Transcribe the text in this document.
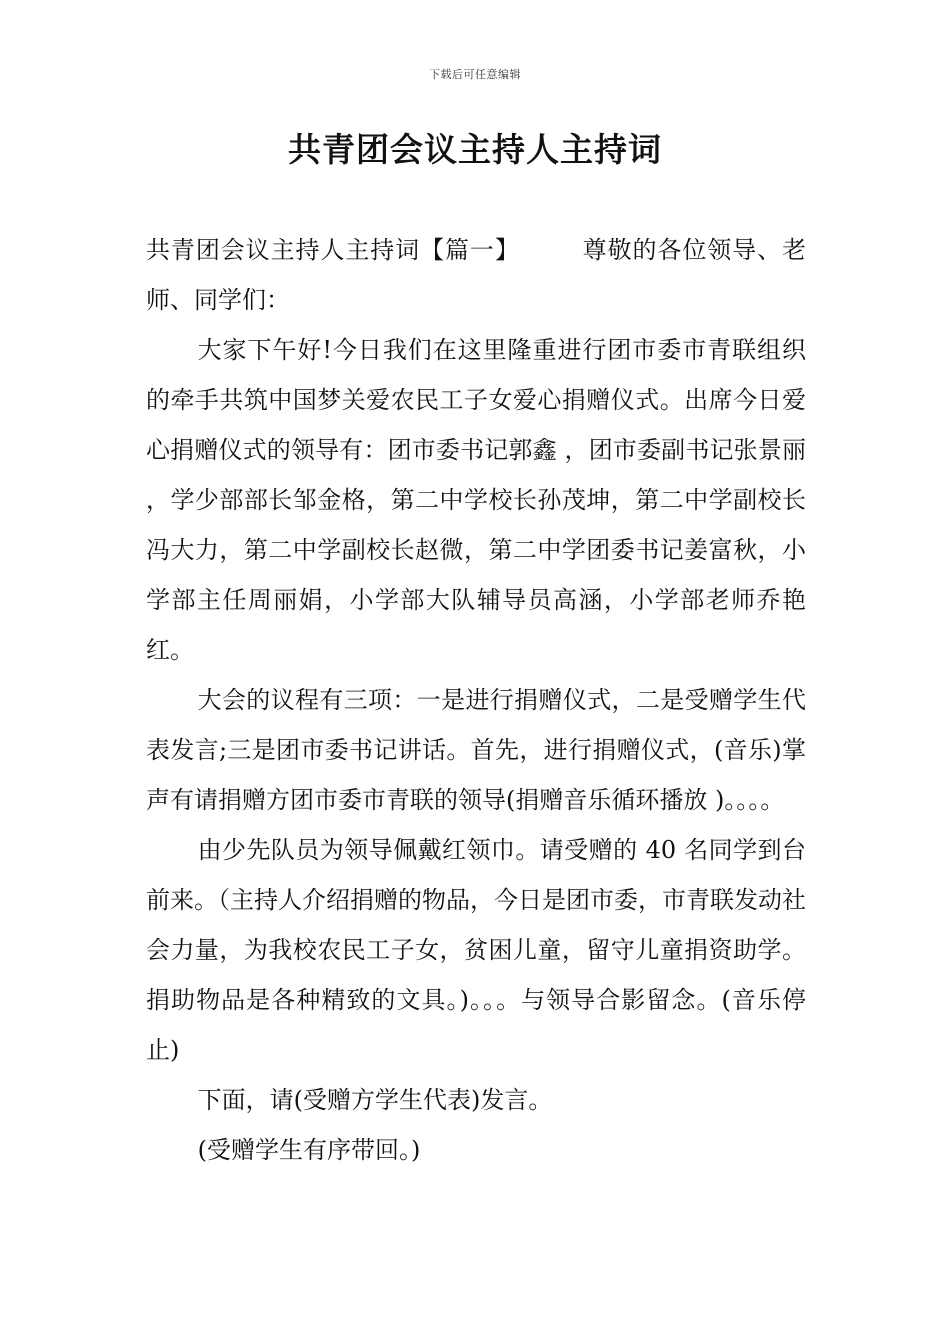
下载后可任意编辑
共青团会议主持人主持词

共青团会议主持人主持词【篇一】	尊敬的各位领导、老师、同学们：

大家下午好!今日我们在这里隆重进行团市委市青联组织的牵手共筑中国梦关爱农民工子女爱心捐赠仪式。出席今日爱心捐赠仪式的领导有：团市委书记郭鑫 ，团市委副书记张景丽 ，学少部部长邹金格，第二中学校长孙茂坤，第二中学副校长冯大力，第二中学副校长赵微，第二中学团委书记姜富秋，小学部主任周丽娟，小学部大队辅导员高涵，小学部老师乔艳红。

大会的议程有三项：一是进行捐赠仪式，二是受赠学生代表发言;三是团市委书记讲话。首先，进行捐赠仪式，(音乐)掌声有请捐赠方团市委市青联的领导(捐赠音乐循环播放 )。。。。

由少先队员为领导佩戴红领巾。请受赠的 40 名同学到台前来。（主持人介绍捐赠的物品，今日是团市委，市青联发动社会力量，为我校农民工子女，贫困儿童，留守儿童捐资助学。捐助物品是各种精致的文具。)。。。与领导合影留念。(音乐停止)

下面，请(受赠方学生代表)发言。

(受赠学生有序带回。)
